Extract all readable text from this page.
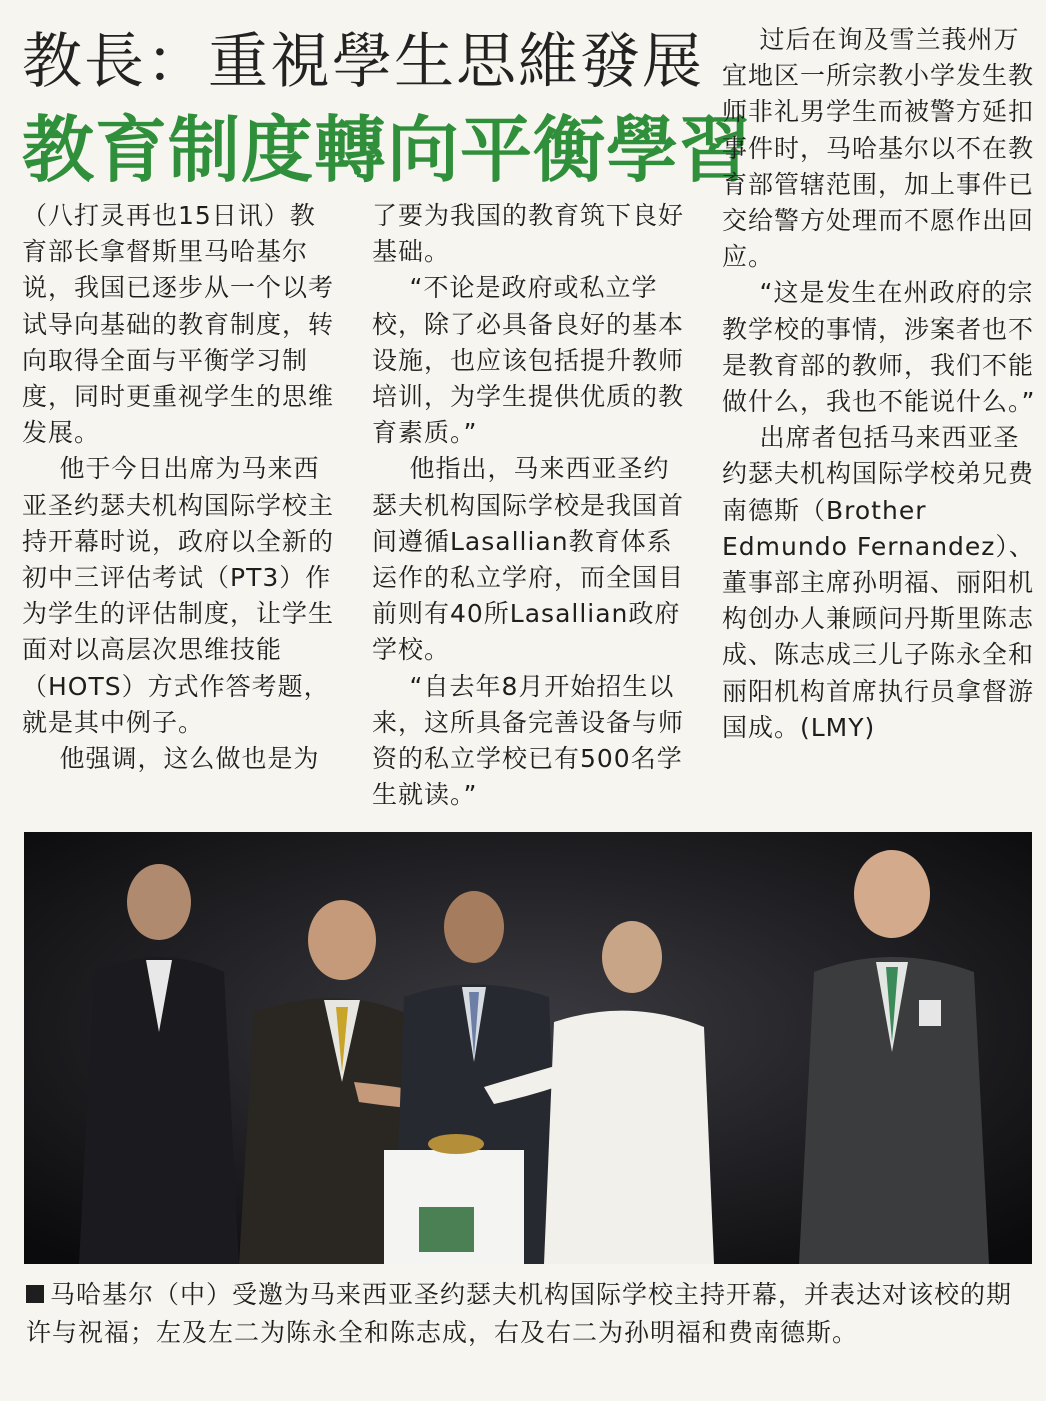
教長：重視學生思維發展
教育制度轉向平衡學習

（八打灵再也15日讯）教育部长拿督斯里马哈基尔说，我国已逐步从一个以考试导向基础的教育制度，转向取得全面与平衡学习制度，同时更重视学生的思维发展。

他于今日出席为马来西亚圣约瑟夫机构国际学校主持开幕时说，政府以全新的初中三评估考试（PT3）作为学生的评估制度，让学生面对以高层次思维技能（HOTS）方式作答考题，就是其中例子。

他强调，这么做也是为

了要为我国的教育筑下良好基础。

“不论是政府或私立学校，除了必具备良好的基本设施，也应该包括提升教师培训，为学生提供优质的教育素质。”

他指出，马来西亚圣约瑟夫机构国际学校是我国首间遵循Lasallian教育体系运作的私立学府，而全国目前则有40所Lasallian政府学校。

“自去年8月开始招生以来，这所具备完善设备与师资的私立学校已有500名学生就读。”

过后在询及雪兰莪州万宜地区一所宗教小学发生教师非礼男学生而被警方延扣事件时，马哈基尔以不在教育部管辖范围，加上事件已交给警方处理而不愿作出回应。

“这是发生在州政府的宗教学校的事情，涉案者也不是教育部的教师，我们不能做什么，我也不能说什么。”

出席者包括马来西亚圣约瑟夫机构国际学校弟兄费南德斯（Brother Edmundo Fernandez）、董事部主席孙明福、丽阳机构创办人兼顾问丹斯里陈志成、陈志成三儿子陈永全和丽阳机构首席执行员拿督游国成。(LMY)

马哈基尔（中）受邀为马来西亚圣约瑟夫机构国际学校主持开幕，并表达对该校的期许与祝福；左及左二为陈永全和陈志成，右及右二为孙明福和费南德斯。
